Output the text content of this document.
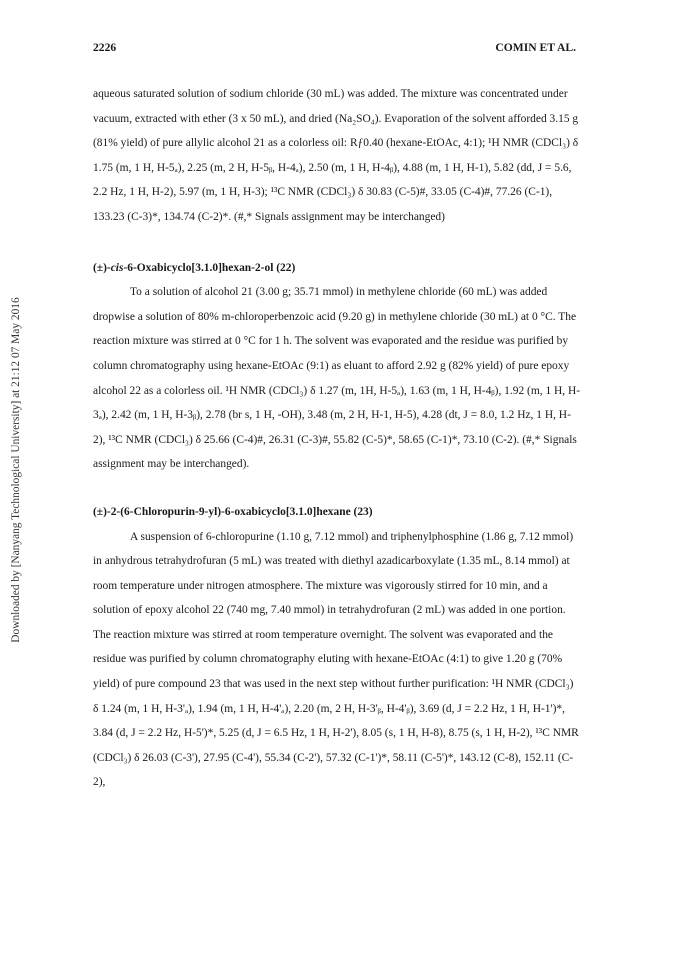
Downloaded by [Nanyang Technological University] at 21:12 07 May 2016
2226	COMIN ET AL.

aqueous saturated solution of sodium chloride (30 mL) was added. The mixture was concentrated under vacuum, extracted with ether (3 x 50 mL), and dried (Na₂SO₄). Evaporation of the solvent afforded 3.15 g (81% yield) of pure allylic alcohol 21 as a colorless oil: Rƒ0.40 (hexane-EtOAc, 4:1); ¹H NMR (CDCl₃) δ 1.75 (m, 1 H, H-5ₐ), 2.25 (m, 2 H, H-5ᵦ, H-4ₐ), 2.50 (m, 1 H, H-4ᵦ), 4.88 (m, 1 H, H-1), 5.82 (dd, J = 5.6, 2.2 Hz, 1 H, H-2), 5.97 (m, 1 H, H-3); ¹³C NMR (CDCl₃) δ 30.83 (C-5)#, 33.05 (C-4)#, 77.26 (C-1), 133.23 (C-3)*, 134.74 (C-2)*. (#,* Signals assignment may be interchanged)

(±)-cis-6-Oxabicyclo[3.1.0]hexan-2-ol (22)

To a solution of alcohol 21 (3.00 g; 35.71 mmol) in methylene chloride (60 mL) was added dropwise a solution of 80% m-chloroperbenzoic acid (9.20 g) in methylene chloride (30 mL) at 0 °C. The reaction mixture was stirred at 0 °C for 1 h. The solvent was evaporated and the residue was purified by column chromatography using hexane-EtOAc (9:1) as eluant to afford 2.92 g (82% yield) of pure epoxy alcohol 22 as a colorless oil. ¹H NMR (CDCl₃) δ 1.27 (m, 1H, H-5ₐ), 1.63 (m, 1 H, H-4ᵦ), 1.92 (m, 1 H, H-3ₐ), 2.42 (m, 1 H, H-3ᵦ), 2.78 (br s, 1 H, -OH), 3.48 (m, 2 H, H-1, H-5), 4.28 (dt, J = 8.0, 1.2 Hz, 1 H, H-2), ¹³C NMR (CDCl₃) δ 25.66 (C-4)#, 26.31 (C-3)#, 55.82 (C-5)*, 58.65 (C-1)*, 73.10 (C-2). (#,* Signals assignment may be interchanged).

(±)-2-(6-Chloropurin-9-yl)-6-oxabicyclo[3.1.0]hexane (23)

A suspension of 6-chloropurine (1.10 g, 7.12 mmol) and triphenylphosphine (1.86 g, 7.12 mmol) in anhydrous tetrahydrofuran (5 mL) was treated with diethyl azadicarboxylate (1.35 mL, 8.14 mmol) at room temperature under nitrogen atmosphere. The mixture was vigorously stirred for 10 min, and a solution of epoxy alcohol 22 (740 mg, 7.40 mmol) in tetrahydrofuran (2 mL) was added in one portion. The reaction mixture was stirred at room temperature overnight. The solvent was evaporated and the residue was purified by column chromatography eluting with hexane-EtOAc (4:1) to give 1.20 g (70% yield) of pure compound 23 that was used in the next step without further purification: ¹H NMR (CDCl₃) δ 1.24 (m, 1 H, H-3'ₐ), 1.94 (m, 1 H, H-4'ₐ), 2.20 (m, 2 H, H-3'ᵦ, H-4'ᵦ), 3.69 (d, J = 2.2 Hz, 1 H, H-1')*, 3.84 (d, J = 2.2 Hz, H-5')*, 5.25 (d, J = 6.5 Hz, 1 H, H-2'), 8.05 (s, 1 H, H-8), 8.75 (s, 1 H, H-2), ¹³C NMR (CDCl₃) δ 26.03 (C-3'), 27.95 (C-4'), 55.34 (C-2'), 57.32 (C-1')*, 58.11 (C-5')*, 143.12 (C-8), 152.11 (C-2),
